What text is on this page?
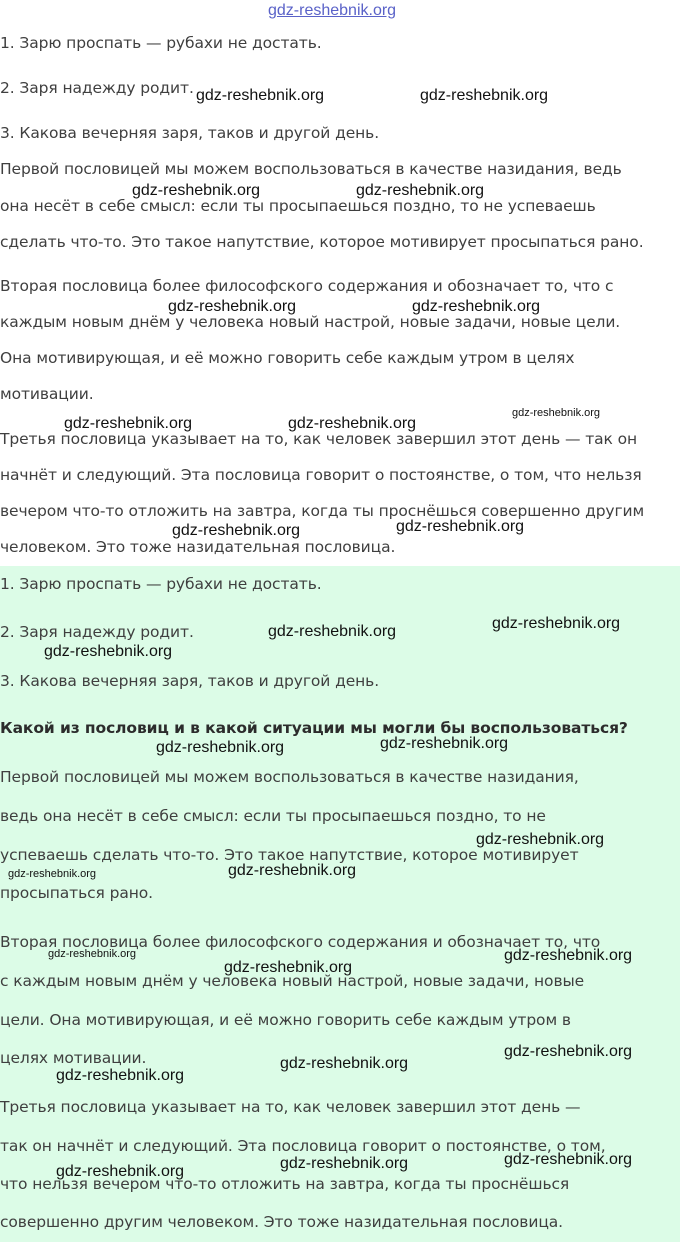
1. Зарю проспать — рубахи не достать.
2. Заря надежду родит.
3. Какова вечерняя заря, таков и другой день.
Первой пословицей мы можем воспользоваться в качестве назидания, ведь
она несёт в себе смысл: если ты просыпаешься поздно, то не успеваешь
сделать что-то. Это такое напутствие, которое мотивирует просыпаться рано.
Вторая пословица более философского содержания и обозначает то, что с
каждым новым днём у человека новый настрой, новые задачи, новые цели.
Она мотивирующая, и её можно говорить себе каждым утром в целях
мотивации.
Третья пословица указывает на то, как человек завершил этот день — так он
начнёт и следующий. Эта пословица говорит о постоянстве, о том, что нельзя
вечером что-то отложить на завтра, когда ты проснёшься совершенно другим
человеком. Это тоже назидательная пословица.
1. Зарю проспать — рубахи не достать.
2. Заря надежду родит.
3. Какова вечерняя заря, таков и другой день.
Какой из пословиц и в какой ситуации мы могли бы воспользоваться?
Первой пословицей мы можем воспользоваться в качестве назидания,
ведь она несёт в себе смысл: если ты просыпаешься поздно, то не
успеваешь сделать что-то. Это такое напутствие, которое мотивирует
просыпаться рано.
Вторая пословица более философского содержания и обозначает то, что
с каждым новым днём у человека новый настрой, новые задачи, новые
цели. Она мотивирующая, и её можно говорить себе каждым утром в
целях мотивации.
Третья пословица указывает на то, как человек завершил этот день —
так он начнёт и следующий. Эта пословица говорит о постоянстве, о том,
что нельзя вечером что-то отложить на завтра, когда ты проснёшься
совершенно другим человеком. Это тоже назидательная пословица.
gdz-reshebnik.org
gdz-reshebnik.org	gdz-reshebnik.org
gdz-reshebnik.org	gdz-reshebnik.org
gdz-reshebnik.org	gdz-reshebnik.org
gdz-reshebnik.org	gdz-reshebnik.org
gdz-reshebnik.org
gdz-reshebnik.org	gdz-reshebnik.org
gdz-reshebnik.org	gdz-reshebnik.org
gdz-reshebnik.org
gdz-reshebnik.org	gdz-reshebnik.org
gdz-reshebnik.org
gdz-reshebnik.org	gdz-reshebnik.org
gdz-reshebnik.org	gdz-reshebnik.org
gdz-reshebnik.org
gdz-reshebnik.org
gdz-reshebnik.org
gdz-reshebnik.org
gdz-reshebnik.org
gdz-reshebnik.org
gdz-reshebnik.org
